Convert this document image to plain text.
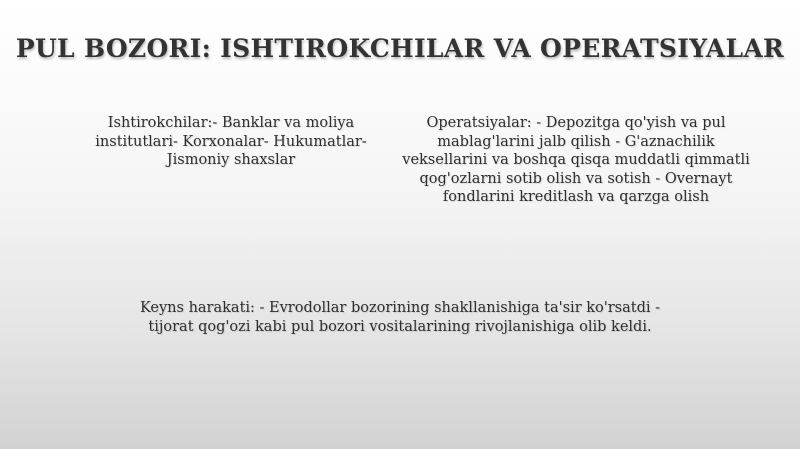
PUL BOZORI: ISHTIROKCHILAR VA OPERATSIYALAR

Ishtirokchilar:- Banklar va moliya institutlari- Korxonalar- Hukumatlar- Jismoniy shaxslar

Operatsiyalar: - Depozitga qo'yish va pul mablag'larini jalb qilish - G'aznachilik veksellarini va boshqa qisqa muddatli qimmatli qog'ozlarni sotib olish va sotish - Overnayt fondlarini kreditlash va qarzga olish

Keyns harakati: - Evrodollar bozorining shakllanishiga ta'sir ko'rsatdi - tijorat qog'ozi kabi pul bozori vositalarining rivojlanishiga olib keldi.
